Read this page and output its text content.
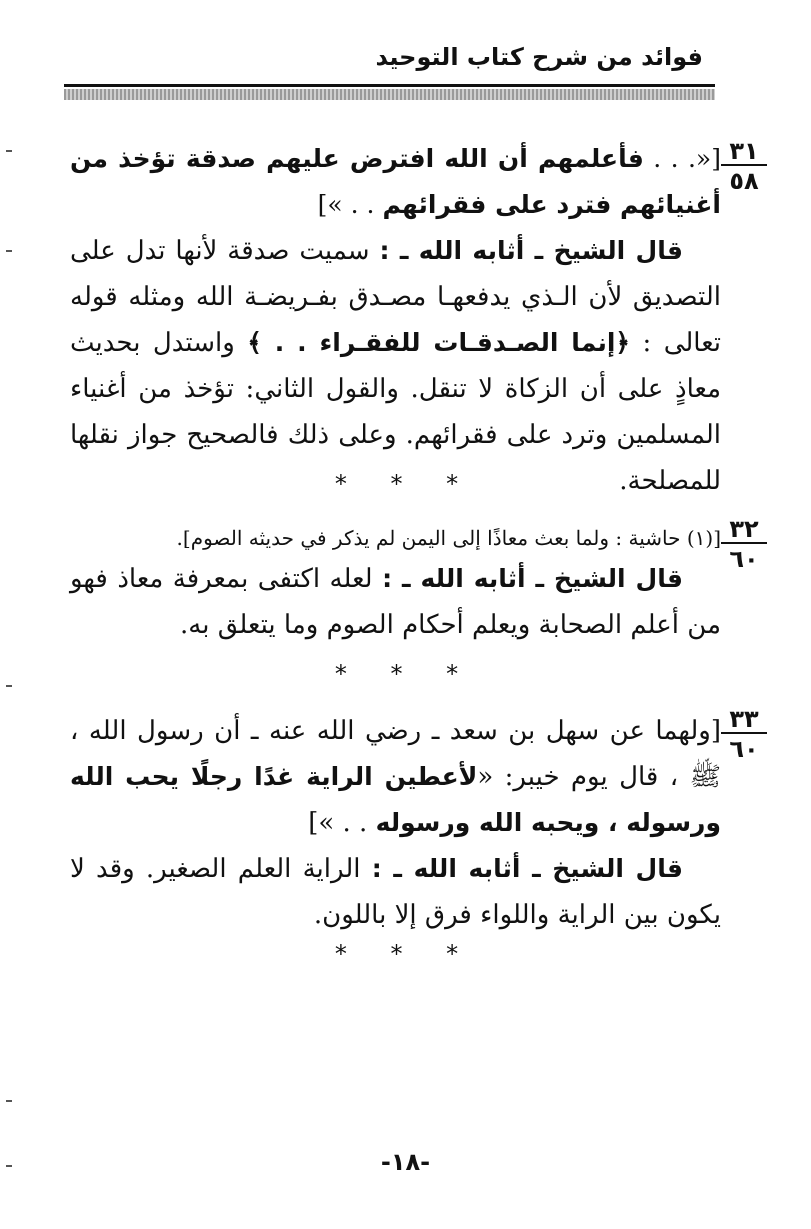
فوائد من شرح كتاب التوحيد
٣١
٥٨
[«. . . فأعلمهم أن الله افترض عليهم صدقة تؤخذ من أغنيائهم فترد على فقرائهم . . »]
قال الشيخ ـ أثابه الله ـ : سميت صدقة لأنها تدل على التصديق لأن الـذي يدفعهـا مصـدق بفـريضـة الله ومثله قوله تعالى : ﴿إنما الصـدقـات للفقـراء . . ﴾ واستدل بحديث معاذٍ على أن الزكاة لا تنقل. والقول الثاني: تؤخذ من أغنياء المسلمين وترد على فقرائهم. وعلى ذلك فالصحيح جواز نقلها للمصلحة.
* * *
٣٢
٦٠
[(١) حاشية : ولما بعث معاذًا إلى اليمن لم يذكر في حديثه الصوم].
قال الشيخ ـ أثابه الله ـ : لعله اكتفى بمعرفة معاذ فهو من أعلم الصحابة ويعلم أحكام الصوم وما يتعلق به.
* * *
٣٣
٦٠
[ولهما عن سهل بن سعد ـ رضي الله عنه ـ أن رسول الله ، ﷺ ، قال يوم خيبر: «لأعطين الراية غدًا رجلًا يحب الله ورسوله ، ويحبه الله ورسوله . . »]
قال الشيخ ـ أثابه الله ـ : الراية العلم الصغير. وقد لا يكون بين الراية واللواء فرق إلا باللون.
* * *
-١٨-
